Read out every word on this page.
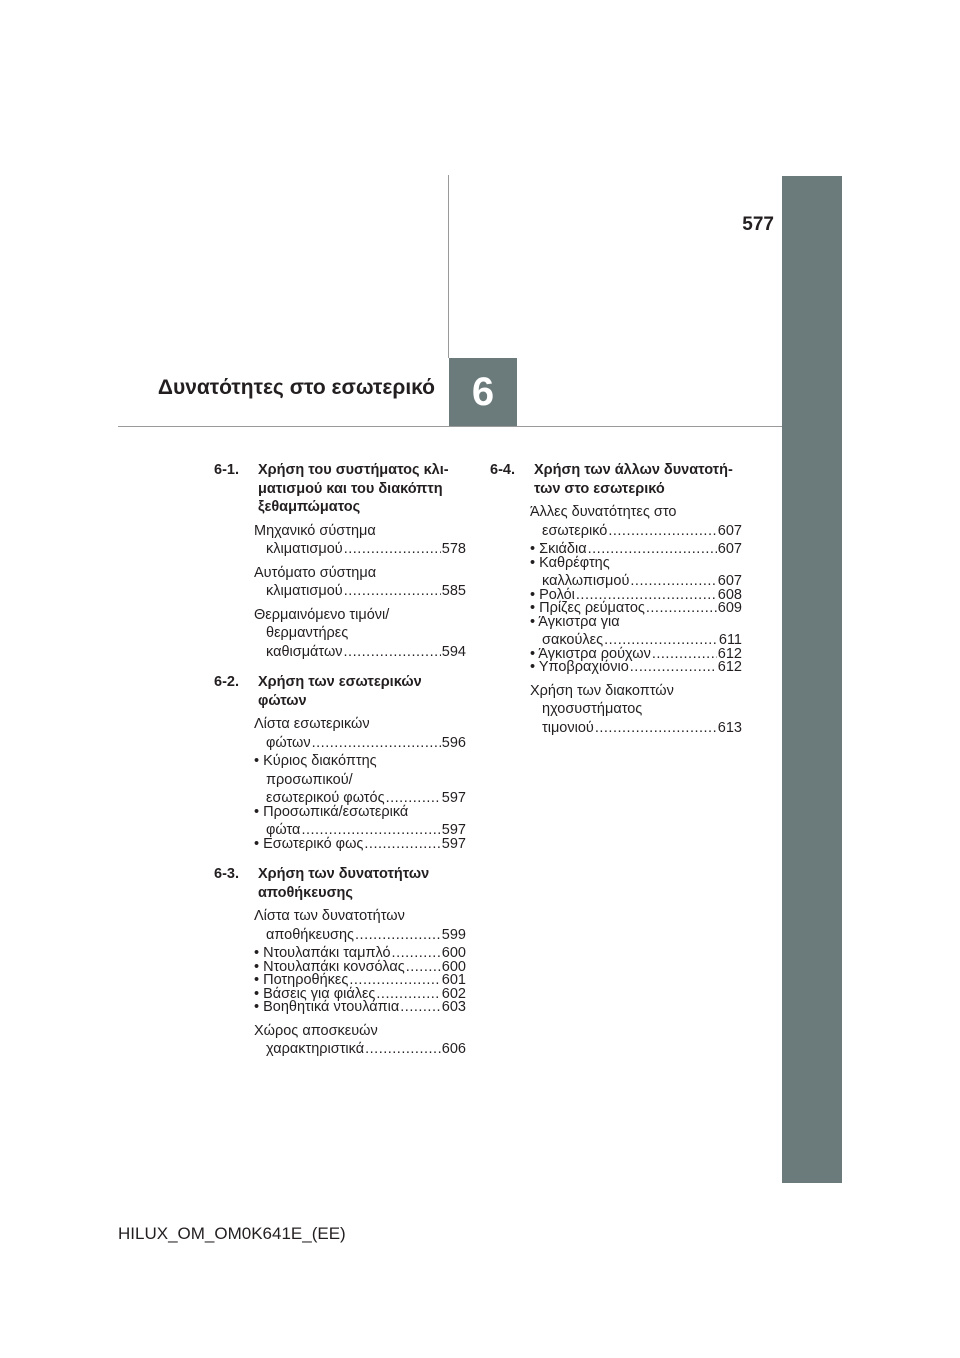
577
Δυνατότητες στο εσωτερικό 6
6-1.	Χρήση του συστήματος κλι-
ματισμού και του διακόπτη
ξεθαμπώματος
Μηχανικό σύστημα
κλιματισμού .....	578
Αυτόματο σύστημα
κλιματισμού .....	585
Θερμαινόμενο τιμόνι/
θερμαντήρες
καθισμάτων .....	594
6-2.	Χρήση των εσωτερικών
φώτων
Λίστα εσωτερικών
φώτων .....	596
• Κύριος διακόπτης
προσωπικού/
εσωτερικού φωτός .....	597
• Προσωπικά/εσωτερικά
φώτα .....	597
• Εσωτερικό φως .....	597
6-3.	Χρήση των δυνατοτήτων
αποθήκευσης
Λίστα των δυνατοτήτων
αποθήκευσης .....	599
• Ντουλαπάκι ταμπλό .....	600
• Ντουλαπάκι κονσόλας .....	600
• Ποτηροθήκες .....	601
• Βάσεις για φιάλες .....	602
• Βοηθητικά ντουλάπια .....	603
Χώρος αποσκευών
χαρακτηριστικά .....	606
6-4.	Χρήση των άλλων δυνατοτή-
των στο εσωτερικό
Άλλες δυνατότητες στο
εσωτερικό .....	607
• Σκιάδια .....	607
• Καθρέφτης
καλλωπισμού .....	607
• Ρολόι .....	608
• Πρίζες ρεύματος .....	609
• Άγκιστρα για
σακούλες .....	611
• Άγκιστρα ρούχων .....	612
• Υποβραχιόνιο .....	612
Χρήση των διακοπτών
ηχοσυστήματος
τιμονιού .....	613
HILUX_OM_OM0K641E_(EE)
